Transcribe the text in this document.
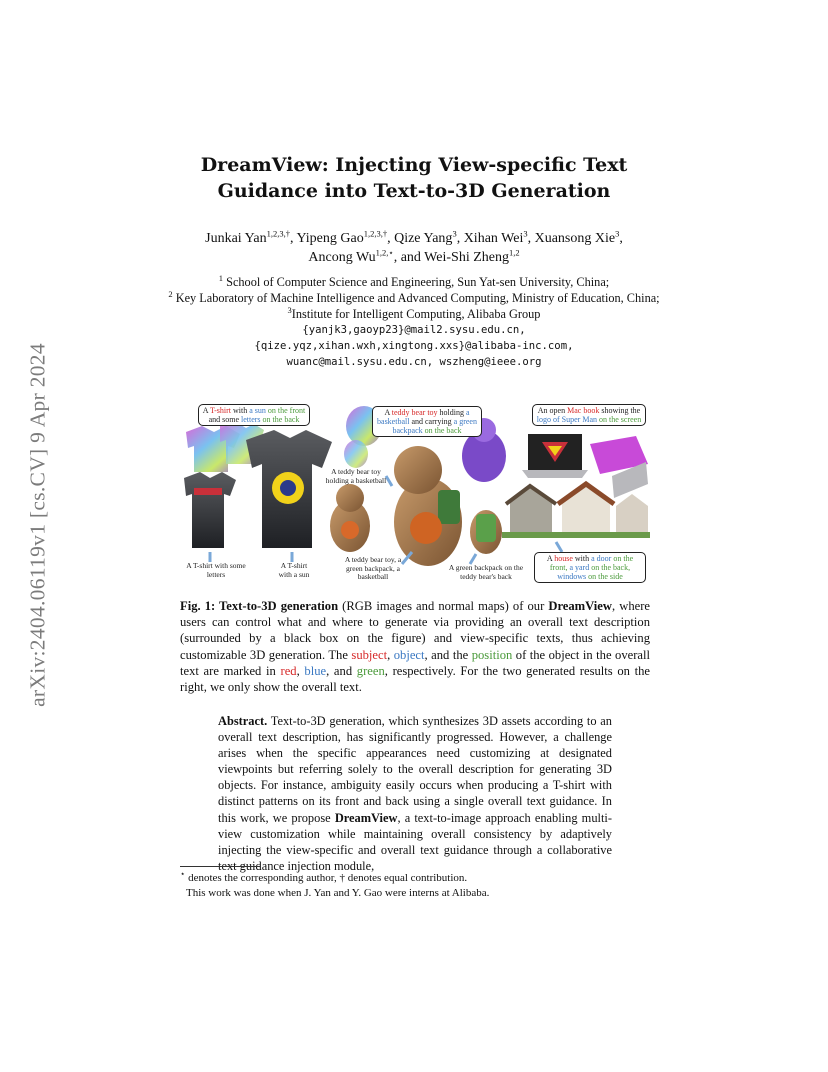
arXiv:2404.06119v1 [cs.CV] 9 Apr 2024
DreamView: Injecting View-specific Text
Guidance into Text-to-3D Generation
Junkai Yan$^{1,2,3,\dagger}$, Yipeng Gao$^{1,2,3,\dagger}$, Qize Yang$^3$, Xihan Wei$^3$, Xuansong Xie$^3$,
Ancong $Wu^{1,2,⋆}$, and Wei-Shi Zheng$^{1,2}$
$^1$ School of Computer Science and Engineering, Sun Yat-sen University, China;
$^2$ Key Laboratory of Machine Intelligence and Advanced Computing, Ministry of Education, China; $^3$Institute for Intelligent Computing, Alibaba Group
{yanjk3,gaoyp23}@mail2.sysu.edu.cn,
{qize.yqz,xihan.wxh,xingtong.xxs}@alibaba-inc.com,
wuanc@mail.sysu.edu.cn, wszheng@ieee.org
A T-shirt with a sun on the front and some letters on the back
A teddy bear toy holding a basketball and carrying a green backpack on the back
An open Mac book showing the logo of Super Man on the screen
A house with a door on the front, a yard on the back, windows on the side
A T-shirt with some letters
A T-shirt with a sun
A teddy bear toy holding a basketball
A teddy bear toy, a green backpack, a basketball
A green backpack on the teddy bear's back
Fig. 1: Text-to-3D generation (RGB images and normal maps) of our DreamView, where users can control what and where to generate via providing an overall text description (surrounded by a black box on the figure) and view-specific texts, thus achieving customizable 3D generation. The subject, object, and the position of the object in the overall text are marked in red, blue, and green, respectively. For the two generated results on the right, we only show the overall text.
Abstract. Text-to-3D generation, which synthesizes 3D assets according to an overall text description, has significantly progressed. However, a challenge arises when the specific appearances need customizing at designated viewpoints but referring solely to the overall description for generating 3D objects. For instance, ambiguity easily occurs when producing a T-shirt with distinct patterns on its front and back using a single overall text guidance. In this work, we propose DreamView, a text-to-image approach enabling multi-view customization while maintaining overall consistency by adaptively injecting the view-specific and overall text guidance through a collaborative text guidance injection module,
⋆ denotes the corresponding author, † denotes equal contribution.
This work was done when J. Yan and Y. Gao were interns at Alibaba.
